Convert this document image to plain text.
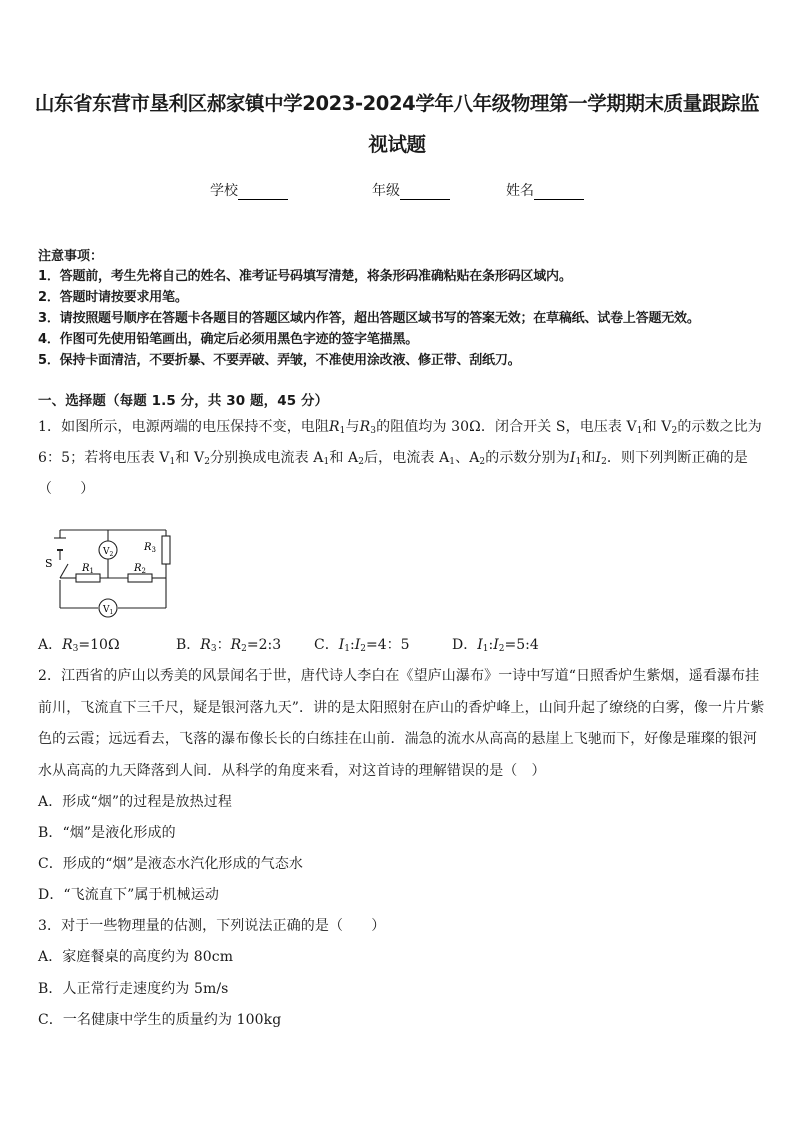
山东省东营市垦利区郝家镇中学2023-2024学年八年级物理第一学期期末质量跟踪监
视试题
学校	年级	姓名
注意事项：
1．答题前，考生先将自己的姓名、准考证号码填写清楚，将条形码准确粘贴在条形码区域内。
2．答题时请按要求用笔。
3．请按照题号顺序在答题卡各题目的答题区域内作答，超出答题区域书写的答案无效；在草稿纸、试卷上答题无效。
4．作图可先使用铅笔画出，确定后必须用黑色字迹的签字笔描黑。
5．保持卡面清洁，不要折暴、不要弄破、弄皱，不准使用涂改液、修正带、刮纸刀。
一、选择题（每题 1.5 分，共 30 题，45 分）
1．如图所示，电源两端的电压保持不变，电阻$R_1$与$R_3$的阻值均为 30Ω．闭合开关 S，电压表 $V_1$和 $V_2$的示数之比为
6：5；若将电压表 $V_1$和 $V_2$分别换成电流表 $A_1$和 $A_2$后，电流表 $A_1$、$A_2$的示数分别为$I_1$和$I_2$．则下列判断正确的是
（　　）
S	$R_1$	$R_2$
$R_3$
$V_2$
$V_1$
A．$R_3=10\Omega$	B．$R_3$：$R_2=2:3$ C．$I_1:I_2=4$：5	D．$I_1:I_2=5:4$
2．江西省的庐山以秀美的风景闻名于世，唐代诗人李白在《望庐山瀑布》一诗中写道“日照香炉生紫烟，遥看瀑布挂
前川，飞流直下三千尺，疑是银河落九天”．讲的是太阳照射在庐山的香炉峰上，山间升起了缭绕的白雾，像一片片紫
色的云霞；远远看去，飞落的瀑布像长长的白练挂在山前．湍急的流水从高高的悬崖上飞驰而下，好像是璀璨的银河
水从高高的九天降落到人间．从科学的角度来看，对这首诗的理解错误的是（　）
A．形成“烟”的过程是放热过程
B．“烟”是液化形成的
C．形成的“烟”是液态水汽化形成的气态水
D．“飞流直下”属于机械运动
3．对于一些物理量的估测，下列说法正确的是（　　）
A．家庭餐桌的高度约为 80cm
B．人正常行走速度约为 5m/s
C．一名健康中学生的质量约为 100kg
